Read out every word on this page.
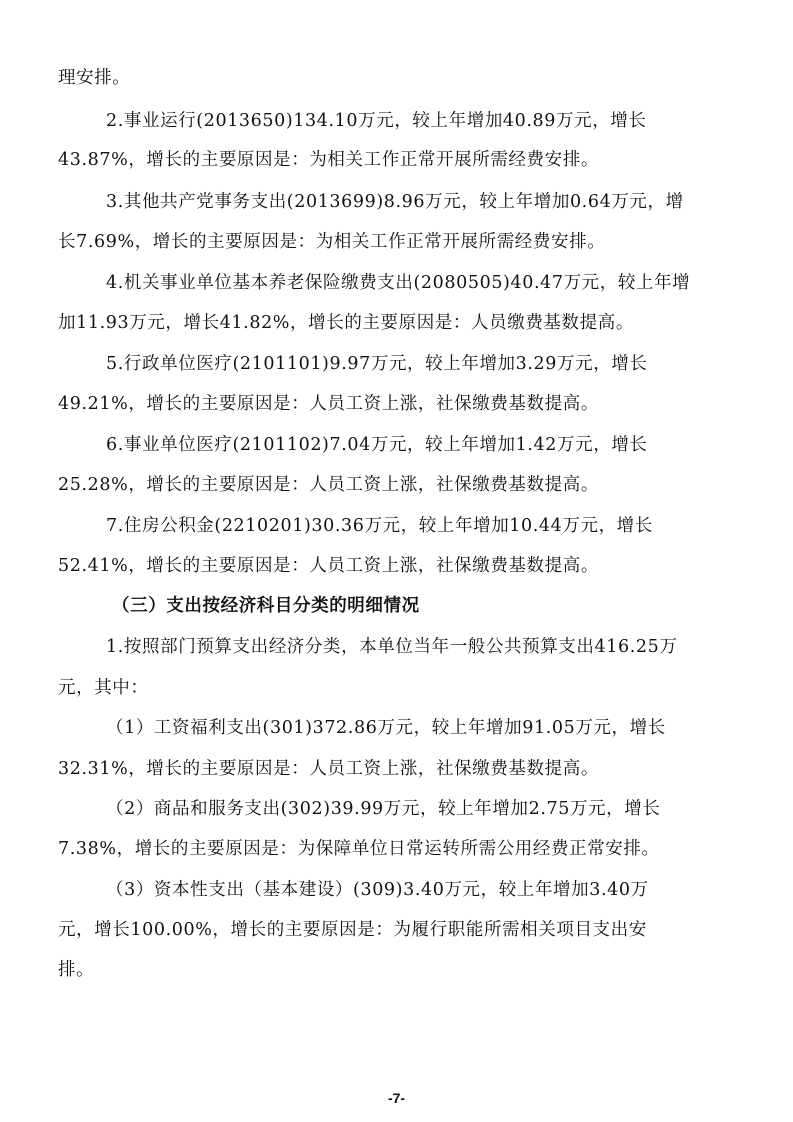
理安排。
2.事业运行(2013650)134.10万元，较上年增加40.89万元，增长
43.87%，增长的主要原因是：为相关工作正常开展所需经费安排。
3.其他共产党事务支出(2013699)8.96万元，较上年增加0.64万元，增
长7.69%，增长的主要原因是：为相关工作正常开展所需经费安排。
4.机关事业单位基本养老保险缴费支出(2080505)40.47万元，较上年增
加11.93万元，增长41.82%，增长的主要原因是：人员缴费基数提高。
5.行政单位医疗(2101101)9.97万元，较上年增加3.29万元，增长
49.21%，增长的主要原因是：人员工资上涨，社保缴费基数提高。
6.事业单位医疗(2101102)7.04万元，较上年增加1.42万元，增长
25.28%，增长的主要原因是：人员工资上涨，社保缴费基数提高。
7.住房公积金(2210201)30.36万元，较上年增加10.44万元，增长
52.41%，增长的主要原因是：人员工资上涨，社保缴费基数提高。
（三）支出按经济科目分类的明细情况
1.按照部门预算支出经济分类，本单位当年一般公共预算支出416.25万
元，其中：
（1）工资福利支出(301)372.86万元，较上年增加91.05万元，增长
32.31%，增长的主要原因是：人员工资上涨，社保缴费基数提高。
（2）商品和服务支出(302)39.99万元，较上年增加2.75万元，增长
7.38%，增长的主要原因是：为保障单位日常运转所需公用经费正常安排。
（3）资本性支出（基本建设）(309)3.40万元，较上年增加3.40万
元，增长100.00%，增长的主要原因是：为履行职能所需相关项目支出安
排。
-7-
